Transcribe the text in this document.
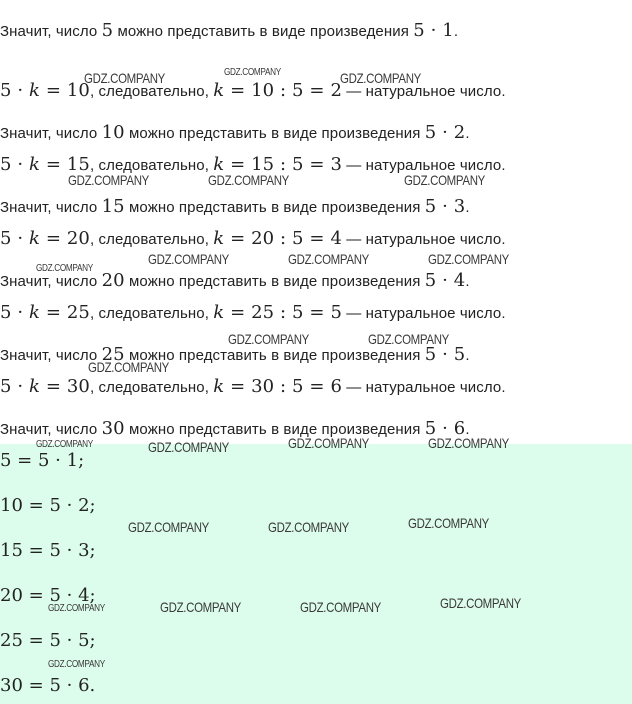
Значит, число 5 можно представить в виде произведения 5 · 1.
5 · k = 10, следовательно, k = 10 : 5 = 2 — натуральное число.
Значит, число 10 можно представить в виде произведения 5 · 2.
5 · k = 15, следовательно, k = 15 : 5 = 3 — натуральное число.
Значит, число 15 можно представить в виде произведения 5 · 3.
5 · k = 20, следовательно, k = 20 : 5 = 4 — натуральное число.
Значит, число 20 можно представить в виде произведения 5 · 4.
5 · k = 25, следовательно, k = 25 : 5 = 5 — натуральное число.
Значит, число 25 можно представить в виде произведения 5 · 5.
5 · k = 30, следовательно, k = 30 : 5 = 6 — натуральное число.
Значит, число 30 можно представить в виде произведения 5 · 6.
5 = 5 · 1;
10 = 5 · 2;
15 = 5 · 3;
20 = 5 · 4;
25 = 5 · 5;
30 = 5 · 6.
GDZ.COMPANY	GDZ.COMPANY	GDZ.COMPANY
GDZ.COMPANY	GDZ.COMPANY	GDZ.COMPANY
GDZ.COMPANY	GDZ.COMPANY	GDZ.COMPANY
GDZ.COMPANY
GDZ.COMPANY	GDZ.COMPANY
GDZ.COMPANY
GDZ.COMPANY	GDZ.COMPANY	GDZ.COMPANY	GDZ.COMPANY
GDZ.COMPANY	GDZ.COMPANY	GDZ.COMPANY
GDZ.COMPANY	GDZ.COMPANY	GDZ.COMPANY	GDZ.COMPANY
GDZ.COMPANY
